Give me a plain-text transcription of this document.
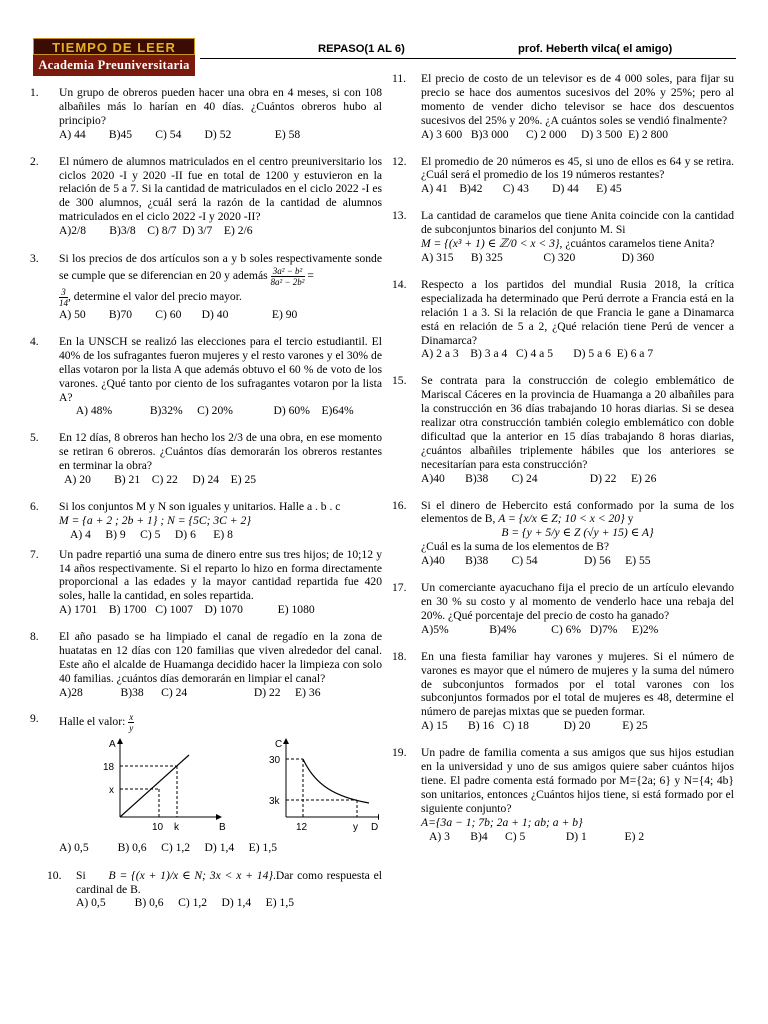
TIEMPO DE LEER
Academia Preuniversitaria
REPASO(1 AL 6)	prof. Heberth vilca( el amigo)
1. Un grupo de obreros pueden hacer una obra en 4 meses, si con 108 albañiles más lo harían en 40 días. ¿Cuántos obreros hubo al principio?
A) 44        B)45        C) 54        D) 52               E) 58
2. El número de alumnos matriculados en el centro preuniversitario los ciclos 2020 -I y 2020 -II fue en total de 1200 y estuvieron en la relación de 5 a 7. Si la cantidad de matriculados en el ciclo 2022 -I es de 300 alumnos, ¿cuál será la razón de la cantidad de alumnos matriculados en el ciclo 2022 -I y 2020 -II?
A)2/8        B)3/8    C) 8/7  D) 3/7    E) 2/6
3. Si los precios de dos artículos son a y b soles respectivamente sonde se cumple que se diferencian en 20 y además $\frac{\text{3a² − b²}}{\text{8a² − 2b²}}$ =

$\frac{3}{14}$ , determine el valor del precio mayor.
A) 50        B)70        C) 60       D) 40               E) 90
4. En la UNSCH se realizó las elecciones para el tercio estudiantil. El 40% de los sufragantes fueron mujeres y el resto varones y el 30% de ellas votaron por la lista A que además obtuvo el 60 % de voto de los varones. ¿Qué tanto por ciento de los sufragantes votaron por la lista A?
A) 48%             B)32%     C) 20%              D) 60%    E)64%
5. En 12 días, 8 obreros han hecho los 2/3 de una obra, en ese momento se retiran 6 obreros. ¿Cuántos días demorarán los obreros restantes en terminar la obra?
A) 20        B) 21    C) 22     D) 24    E) 25
6. Si los conjuntos M y N son iguales y unitarios. Halle a . b . c
M = {a + 2 ; 2b + 1} ; N = {5C; 3C + 2}
A) 4     B) 9     C) 5     D) 6      E) 8
7. Un padre repartió una suma de dinero entre sus tres hijos; de 10;12 y 14 años respectivamente. Si el reparto lo hizo en forma directamente proporcional a las edades y la mayor cantidad repartida fue 420 soles, halle la cantidad, en soles repartida.
A) 1701    B) 1700   C) 1007    D) 1070            E) 1080
8. El año pasado se ha limpiado el canal de regadío en la zona de huatatas en 12 días con 120 familias que viven alrededor del canal. Este año el alcalde de Huamanga decidido hacer la limpieza con solo 40 familias. ¿cuántos días demorarán en limpiar el canal?
A)28             B)38      C) 24                       D) 22     E) 36
9. Halle el valor: $\frac{x}{y}$
A
B
18
x
10 k
C
D
30
3k
12	y
A) 0,5          B) 0,6     C) 1,2     D) 1,4     E) 1,5
10. Si B = {(x + 1)/x ∈ N; 3x < x + 14}.Dar como respuesta el cardinal de B.
A) 0,5          B) 0,6     C) 1,2     D) 1,4     E) 1,5
11. El precio de costo de un televisor es de 4 000 soles, para fijar su precio se hace dos aumentos sucesivos del 20% y 25%; pero al momento de vender dicho televisor se hace dos descuentos sucesivos del 25% y 20%. ¿A cuántos soles se vendió finalmente?
A) 3 600   B)3 000      C) 2 000     D) 3 500  E) 2 800
12. El promedio de 20 números es 45, si uno de ellos es 64 y se retira. ¿Cuál será el promedio de los 19 números restantes?
A) 41    B)42       C) 43        D) 44      E) 45
13. La cantidad de caramelos que tiene Anita coincide con la cantidad de subconjuntos binarios del conjunto M. Si
M = {(x³ + 1) ∈ ℤ/0 < x < 3}, ¿cuántos caramelos tiene Anita?
A) 315      B) 325              C) 320                D) 360
14. Respecto a los partidos del mundial Rusia 2018, la crítica especializada ha determinado que Perú derrote a Francia está en la relación 1 a 3. Si la relación de que Francia le gane a Dinamarca está en relación de 5 a 2, ¿Qué relación tiene Perú de vencer a Dinamarca?
A) 2 a 3    B) 3 a 4   C) 4 a 5       D) 5 a 6  E) 6 a 7
15. Se contrata para la construcción de colegio emblemático de Mariscal Cáceres en la provincia de Huamanga a 20 albañiles para la construcción en 36 días trabajando 10 horas diarias. Si se desea realizar otra construcción también colegio emblemático con doble dificultad que la anterior en 15 días trabajando 8 horas diarias, ¿cuántos albañiles triplemente hábiles que los anteriores se necesitarían para esta construcción?
A)40       B)38        C) 24                  D) 22     E) 26
16. Si el dinero de Hebercito está conformado por la suma de los elementos de B, A = {x/x ∈ Z; 10 < x < 20} y
B = {y + 5/y ∈ Z (√y + 15) ∈ A}
¿Cuál es la suma de los elementos de B?
A)40       B)38        C) 54                D) 56     E) 55
17. Un comerciante ayacuchano fija el precio de un artículo elevando en 30 % su costo y al momento de venderlo hace una rebaja del 20%. ¿Qué porcentaje del precio de costo ha ganado?
A)5%              B)4%            C) 6%   D)7%     E)2%
18. En una fiesta familiar hay varones y mujeres. Si el número de varones es mayor que el número de mujeres y la suma del número de subconjuntos formados por el total varones con los subconjuntos formados por el total de mujeres es 48, determine el número de parejas mixtas que se pueden formar.
A) 15       B) 16   C) 18            D) 20           E) 25
19. Un padre de familia comenta a sus amigos que sus hijos estudian en la universidad y uno de sus amigos quiere saber cuántos hijos tiene. El padre comenta está formado por M={2a; 6} y N={4; 4b} son unitarios, entonces ¿Cuántos hijos tiene, si está formado por el siguiente conjunto?
A={3a − 1; 7b; 2a + 1; ab; a + b}
A) 3       B)4      C) 5              D) 1             E) 2
